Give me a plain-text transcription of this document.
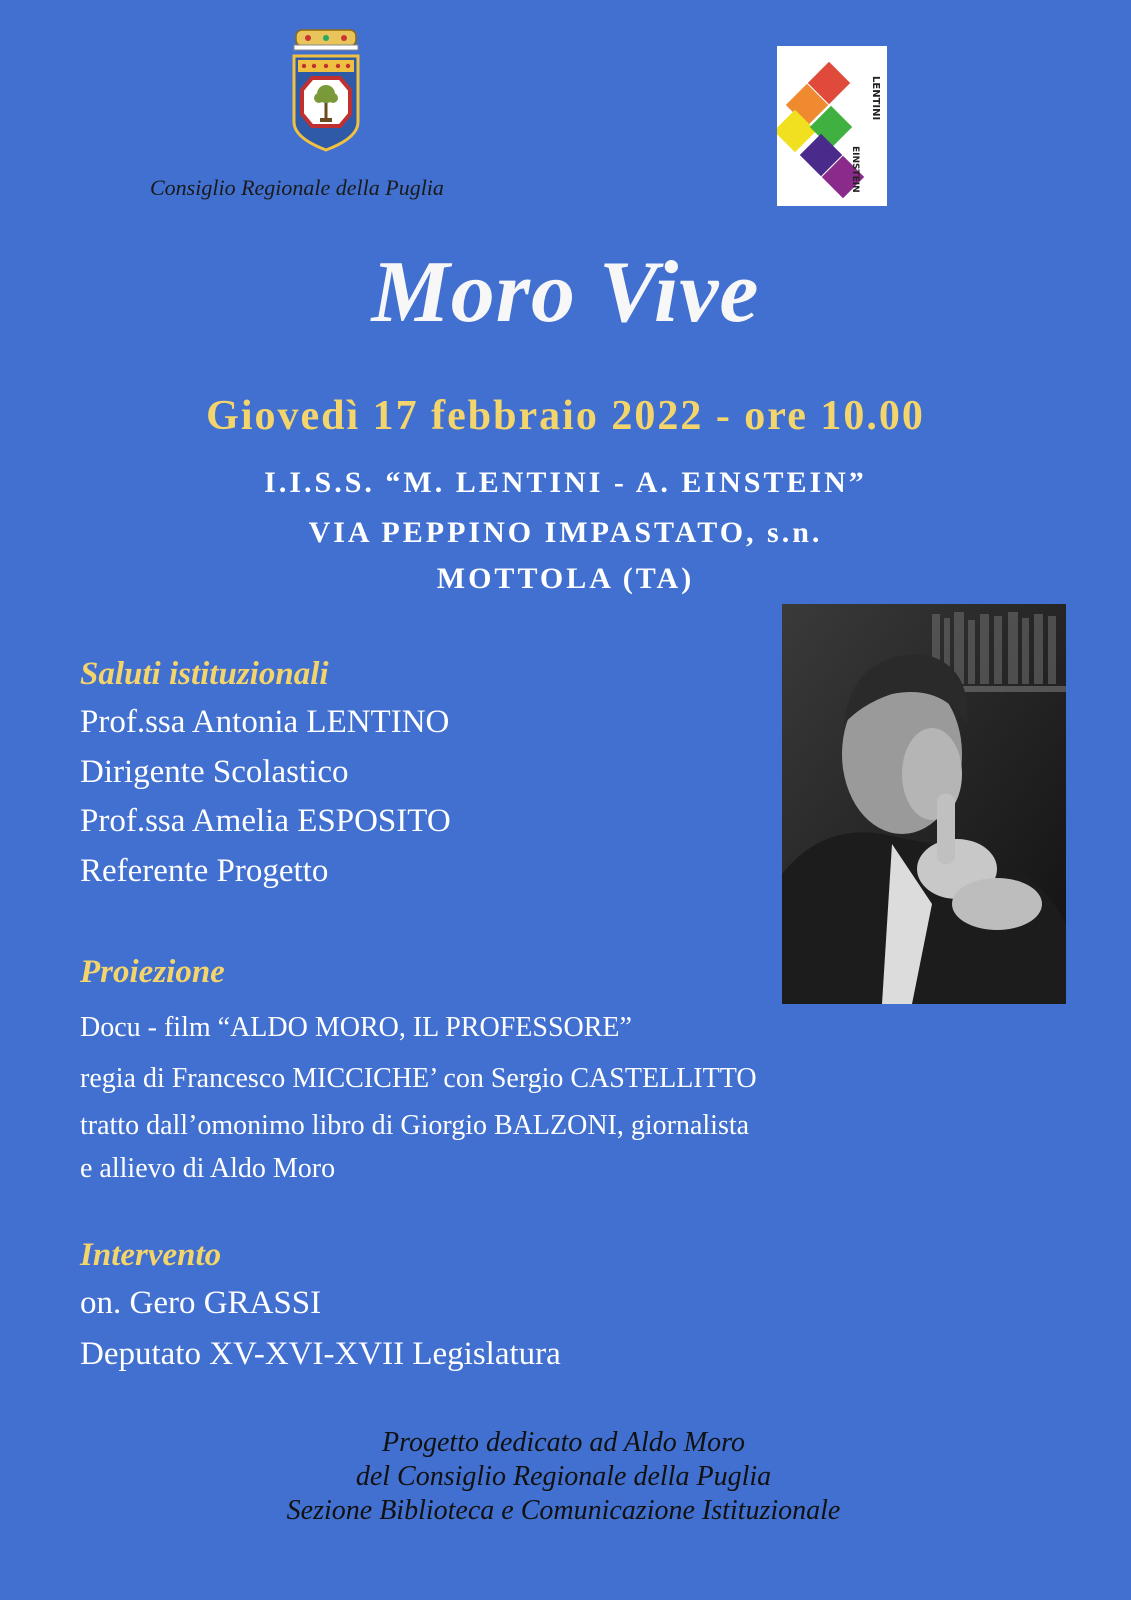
Consiglio Regionale della Puglia
LENTINI
EINSTEIN
Moro Vive
Giovedì 17 febbraio 2022 - ore 10.00
I.I.S.S. “M. LENTINI - A. EINSTEIN”
VIA PEPPINO IMPASTATO, s.n.
MOTTOLA (TA)
Saluti istituzionali
Prof.ssa Antonia LENTINO
Dirigente Scolastico
Prof.ssa Amelia ESPOSITO
Referente Progetto
Proiezione
Docu - film “ALDO MORO, IL PROFESSORE”
regia di Francesco MICCICHE’ con Sergio CASTELLITTO
tratto dall’omonimo libro di Giorgio BALZONI, giornalista
e allievo di Aldo Moro
Intervento
on. Gero GRASSI
Deputato XV-XVI-XVII Legislatura
Progetto dedicato ad Aldo Moro
del Consiglio Regionale della Puglia
Sezione Biblioteca e Comunicazione Istituzionale
